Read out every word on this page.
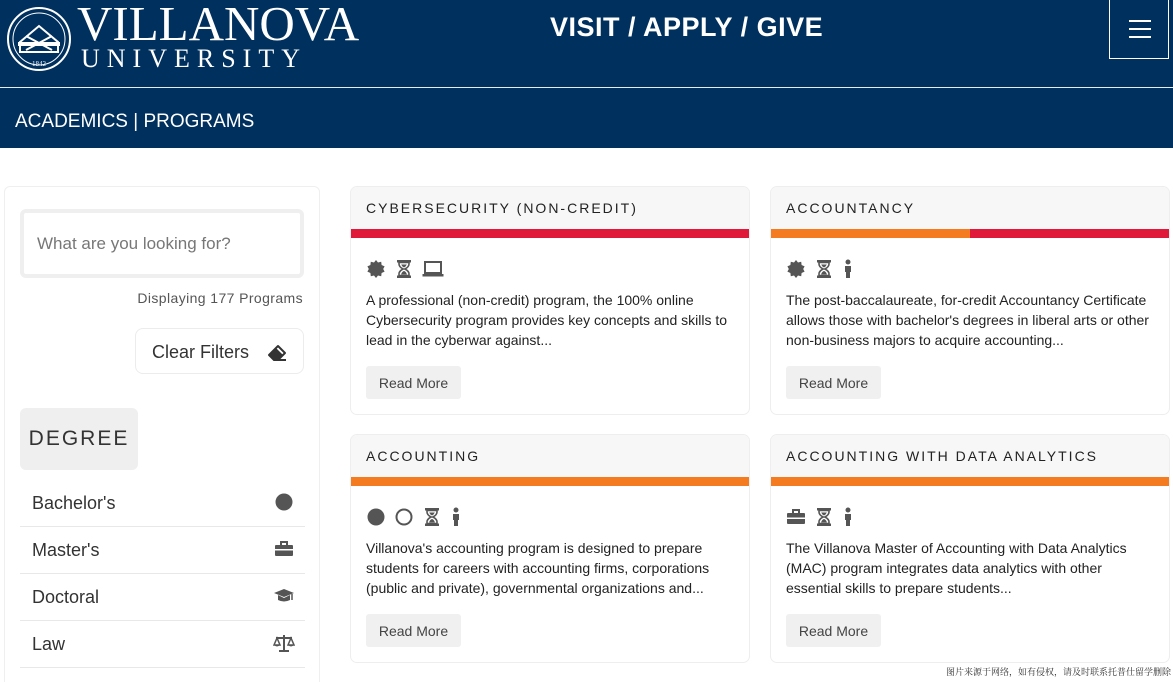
1842
VILLANOVA
UNIVERSITY
VISIT / APPLY / GIVE
ACADEMICS | PROGRAMS
What are you looking for?
Displaying 177 Programs
Clear Filters
DEGREE
Bachelor's
Master's
Doctoral
Law
CYBERSECURITY (NON-CREDIT)
A professional (non-credit) program, the 100% online Cybersecurity program provides key concepts and skills to lead in the cyberwar against...
Read More
ACCOUNTANCY
The post-baccalaureate, for-credit Accountancy Certificate allows those with bachelor's degrees in liberal arts or other non-business majors to acquire accounting...
Read More
ACCOUNTING
Villanova's accounting program is designed to prepare students for careers with accounting firms, corporations (public and private), governmental organizations and...
Read More
ACCOUNTING WITH DATA ANALYTICS
The Villanova Master of Accounting with Data Analytics (MAC) program integrates data analytics with other essential skills to prepare students...
Read More
图片来源于网络，如有侵权，请及时联系托普仕留学删除
